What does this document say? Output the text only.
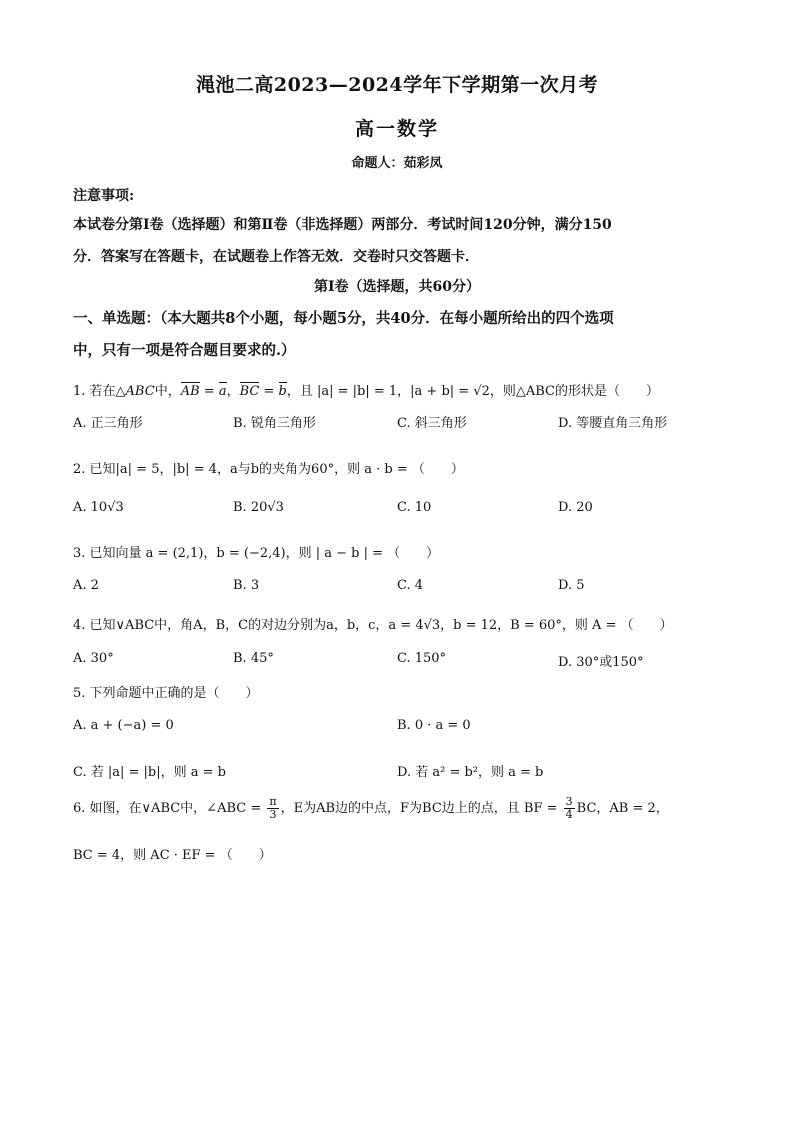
渑池二高2023—2024学年下学期第一次月考
高一数学
命题人：茹彩凤
注意事项:
本试卷分第Ⅰ卷（选择题）和第Ⅱ卷（非选择题）两部分．考试时间120分钟，满分150
分．答案写在答题卡，在试题卷上作答无效．交卷时只交答题卡．
第Ⅰ卷（选择题，共60分）
一、单选题：（本大题共8个小题，每小题5分，共40分．在每小题所给出的四个选项
中，只有一项是符合题目要求的.）
1. 若在△ABC中，AB = a，BC = b，且 |a| = |b| = 1，|a + b| = √2，则△ABC的形状是（　　）
A. 正三角形	B. 锐角三角形	C. 斜三角形	D. 等腰直角三角形
2. 已知|a| = 5，|b| = 4，a与b的夹角为60°，则 a · b = （　　）
A. 10√3	B. 20√3	C. 10	D. 20
3. 已知向量 a = (2,1)，b = (−2,4)，则 | a − b | = （　　）
A. 2	B. 3	C. 4	D. 5
4. 已知∨ABC中，角A，B，C的对边分别为a，b，c，a = 4√3，b = 12，B = 60°，则 A = （　　）
A. 30°	B. 45°	C. 150°	D. 30°或150°
5. 下列命题中正确的是（　　）
A. a + (−a) = 0	B. 0 · a = 0
C. 若 |a| = |b|，则 a = b	D. 若 a² = b²，则 a = b
6. 如图，在∨ABC中，∠ABC = $\frac{\pi}{3}$ ，E为AB边的中点，F为BC边上的点，且 BF = $\frac{3}{4}$ BC，AB = 2，
BC = 4，则 AC · EF = （　　）
